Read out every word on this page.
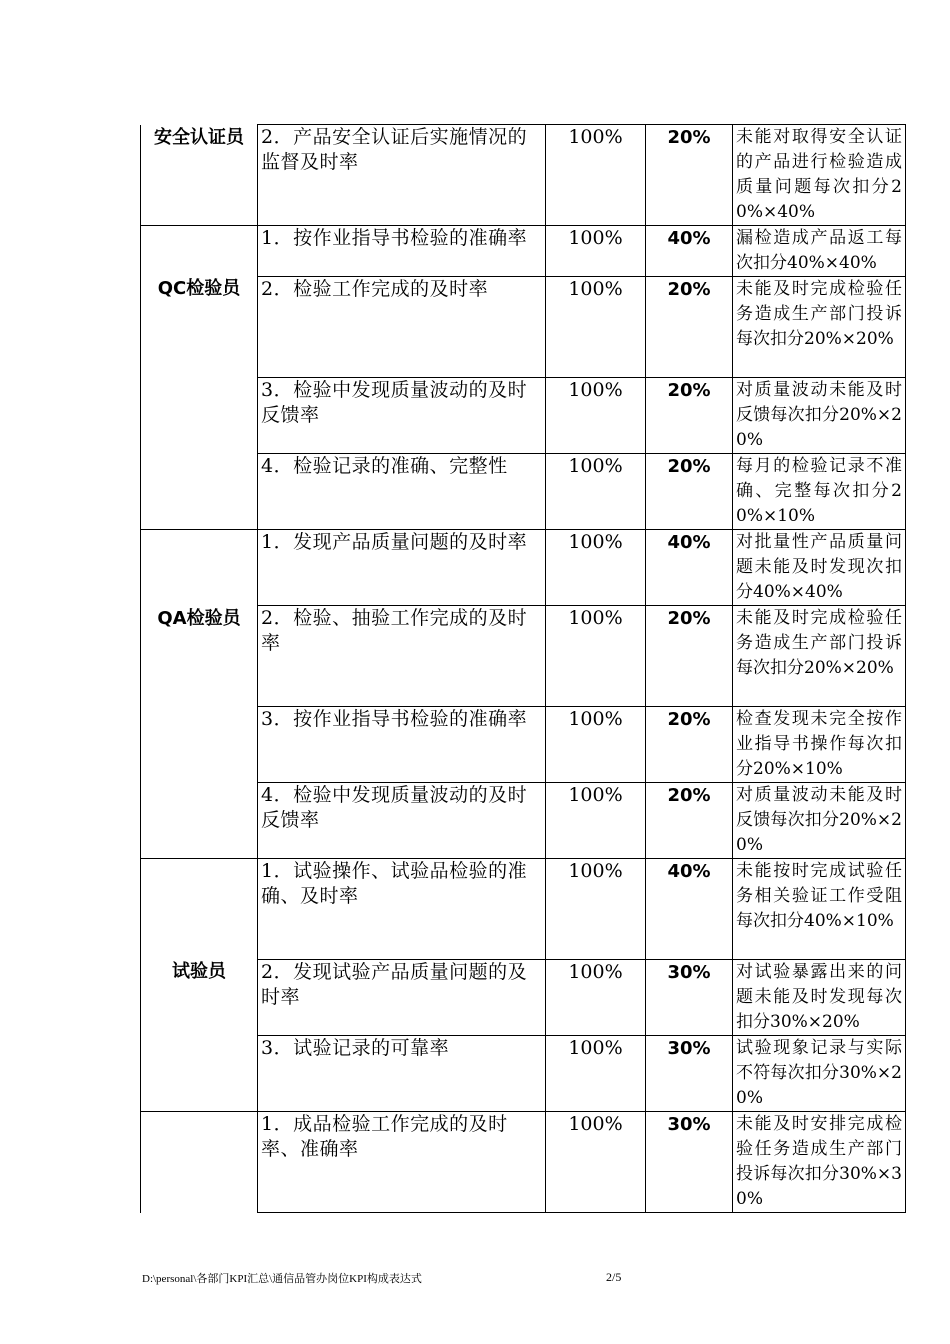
安全认证员	2．产品安全认证后实施情况的监督及时率	100%	20%	未能对取得安全认证的产品进行检验造成质量问题每次扣分20%×40%
QC检验员	1．按作业指导书检验的准确率	100%	40%	漏检造成产品返工每次扣分40%×40%
	2．检验工作完成的及时率	100%	20%	未能及时完成检验任务造成生产部门投诉每次扣分20%×20%
	3．检验中发现质量波动的及时反馈率	100%	20%	对质量波动未能及时反馈每次扣分20%×20%
	4．检验记录的准确、完整性	100%	20%	每月的检验记录不准确、完整每次扣分20%×10%
QA检验员	1．发现产品质量问题的及时率	100%	40%	对批量性产品质量问题未能及时发现次扣分40%×40%
	2．检验、抽验工作完成的及时率	100%	20%	未能及时完成检验任务造成生产部门投诉每次扣分20%×20%
	3．按作业指导书检验的准确率	100%	20%	检查发现未完全按作业指导书操作每次扣分20%×10%
	4．检验中发现质量波动的及时反馈率	100%	20%	对质量波动未能及时反馈每次扣分20%×20%
试验员	1．试验操作、试验品检验的准确、及时率	100%	40%	未能按时完成试验任务相关验证工作受阻每次扣分40%×10%
	2．发现试验产品质量问题的及时率	100%	30%	对试验暴露出来的问题未能及时发现每次扣分30%×20%
	3．试验记录的可靠率	100%	30%	试验现象记录与实际不符每次扣分30%×20%
	1．成品检验工作完成的及时率、准确率	100%	30%	未能及时安排完成检验任务造成生产部门投诉每次扣分30%×30%
D:\personal\各部门KPI汇总\通信品管办岗位KPI构成表达式	2/5
